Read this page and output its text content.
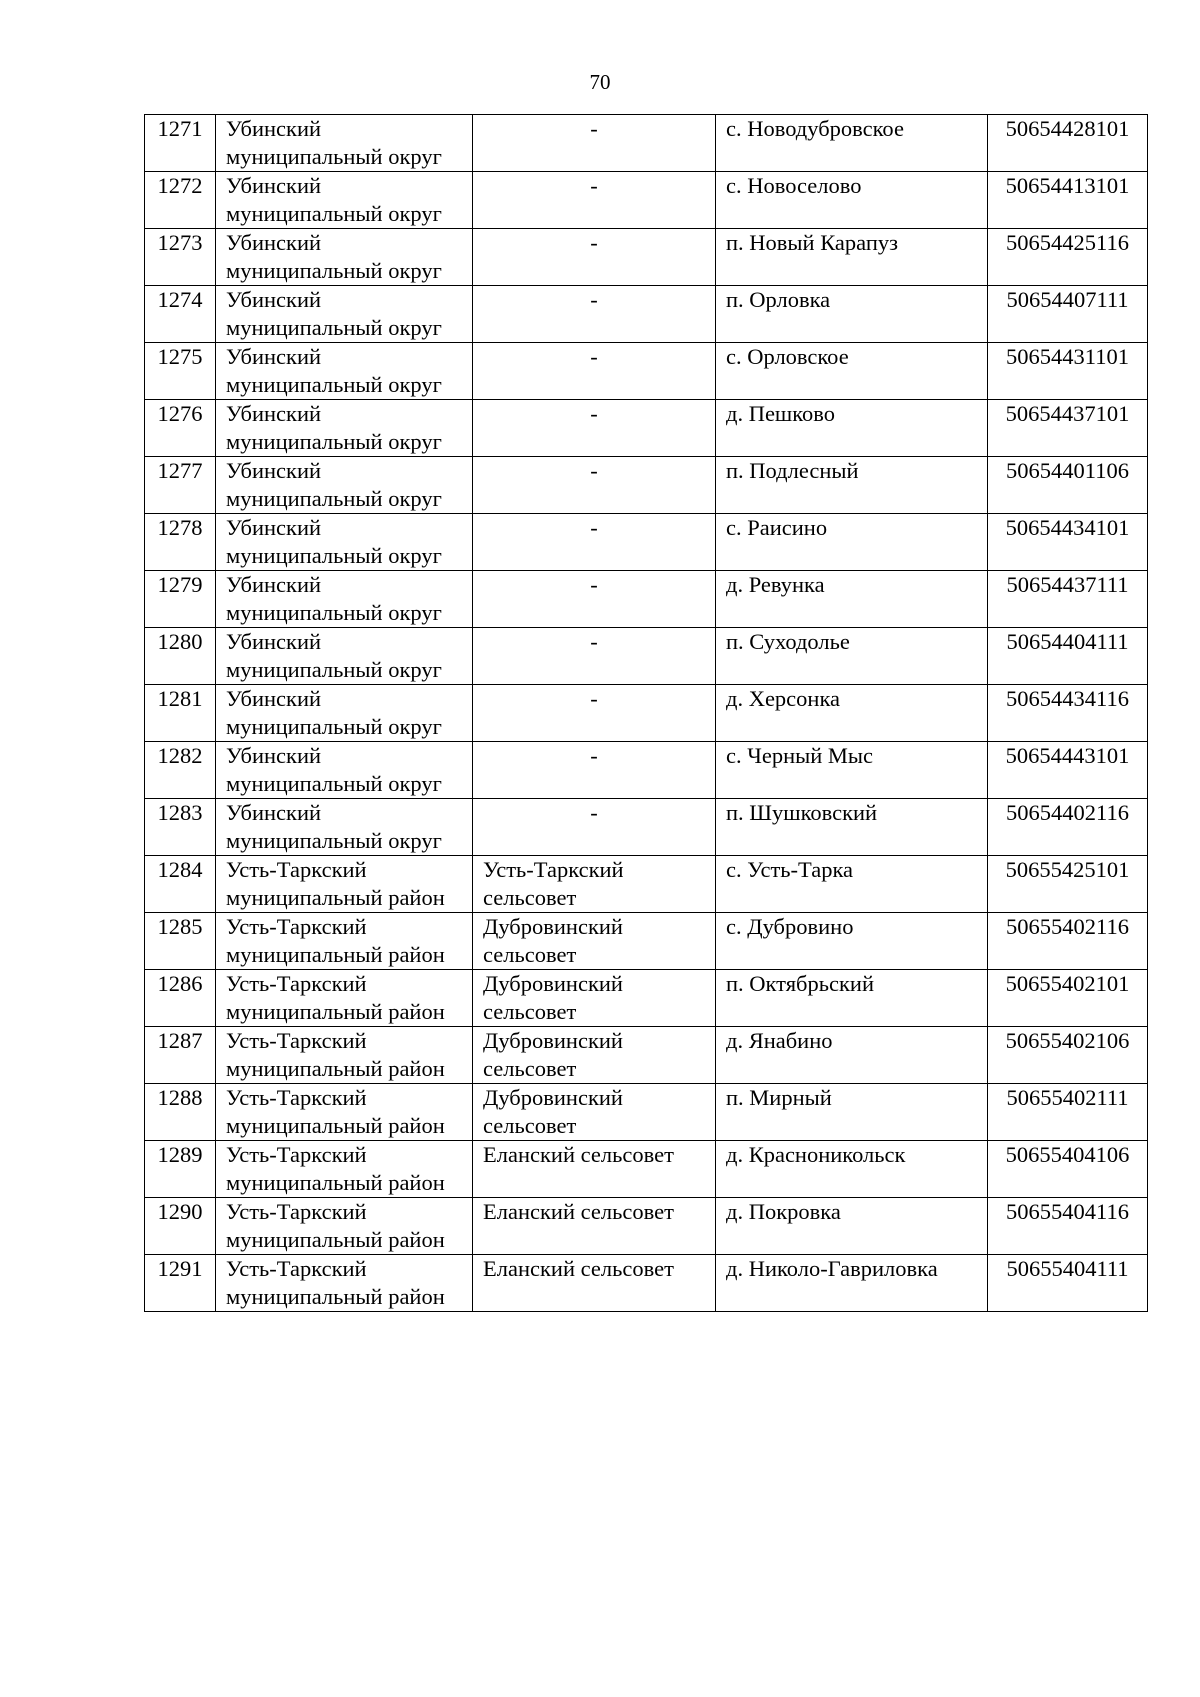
70
1271	Убинский муниципальный округ	-	с. Новодубровское	50654428101
1272	Убинский муниципальный округ	-	с. Новоселово	50654413101
1273	Убинский муниципальный округ	-	п. Новый Карапуз	50654425116
1274	Убинский муниципальный округ	-	п. Орловка	50654407111
1275	Убинский муниципальный округ	-	с. Орловское	50654431101
1276	Убинский муниципальный округ	-	д. Пешково	50654437101
1277	Убинский муниципальный округ	-	п. Подлесный	50654401106
1278	Убинский муниципальный округ	-	с. Раисино	50654434101
1279	Убинский муниципальный округ	-	д. Ревунка	50654437111
1280	Убинский муниципальный округ	-	п. Суходолье	50654404111
1281	Убинский муниципальный округ	-	д. Херсонка	50654434116
1282	Убинский муниципальный округ	-	с. Черный Мыс	50654443101
1283	Убинский муниципальный округ	-	п. Шушковский	50654402116
1284	Усть-Таркский муниципальный район	Усть-Таркский сельсовет	с. Усть-Тарка	50655425101
1285	Усть-Таркский муниципальный район	Дубровинский сельсовет	с. Дубровино	50655402116
1286	Усть-Таркский муниципальный район	Дубровинский сельсовет	п. Октябрьский	50655402101
1287	Усть-Таркский муниципальный район	Дубровинский сельсовет	д. Янабино	50655402106
1288	Усть-Таркский муниципальный район	Дубровинский сельсовет	п. Мирный	50655402111
1289	Усть-Таркский муниципальный район	Еланский сельсовет	д. Красноникольск	50655404106
1290	Усть-Таркский муниципальный район	Еланский сельсовет	д. Покровка	50655404116
1291	Усть-Таркский муниципальный район	Еланский сельсовет	д. Николо-Гавриловка	50655404111
